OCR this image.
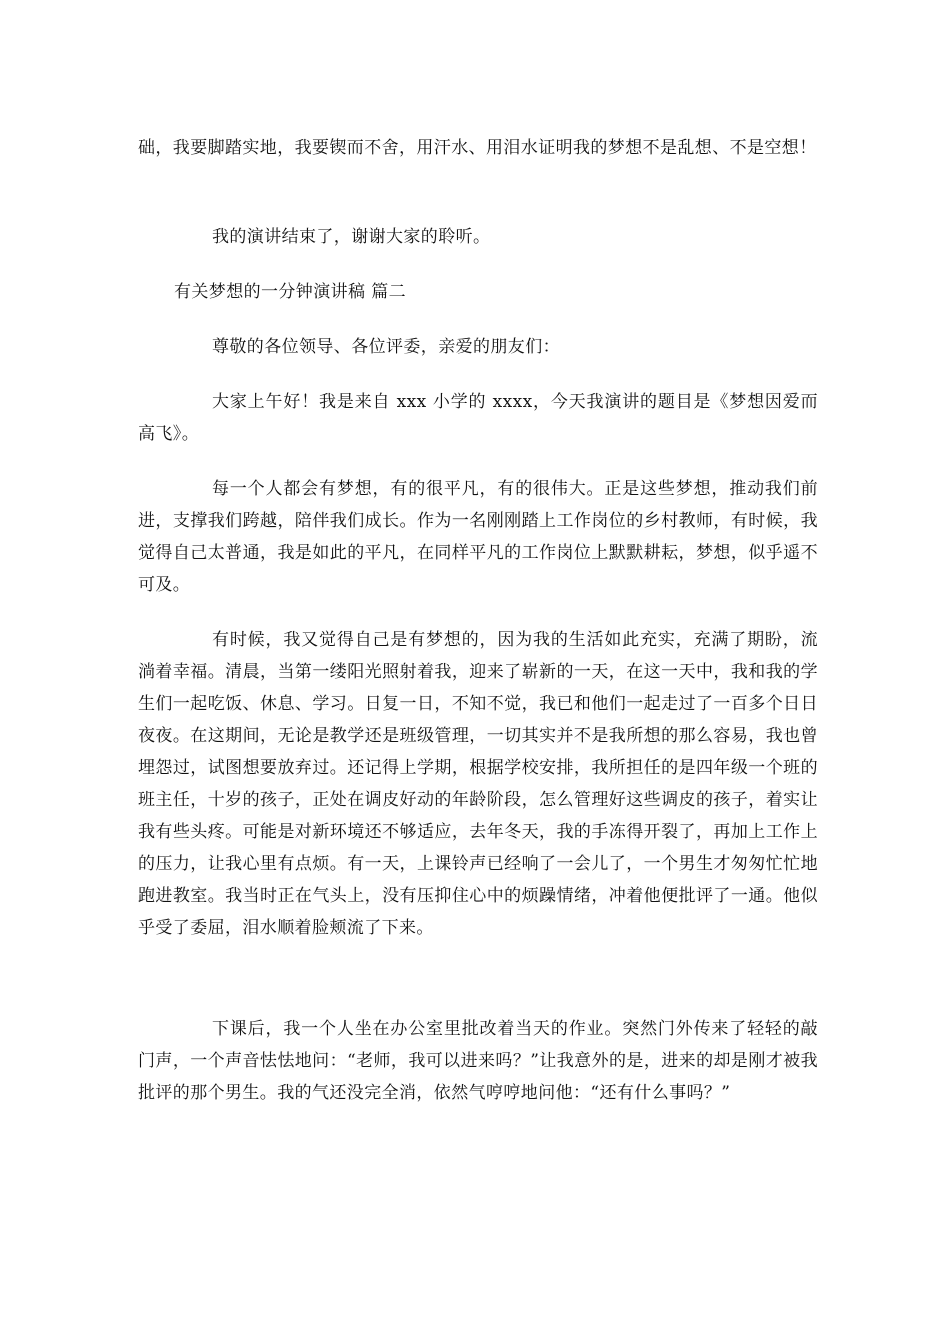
础，我要脚踏实地，我要锲而不舍，用汗水、用泪水证明我的梦想不是乱想、不是空想！

我的演讲结束了，谢谢大家的聆听。

有关梦想的一分钟演讲稿 篇二

尊敬的各位领导、各位评委，亲爱的朋友们：

大家上午好！我是来自 xxx 小学的 xxxx，今天我演讲的题目是《梦想因爱而高飞》。

每一个人都会有梦想，有的很平凡，有的很伟大。正是这些梦想，推动我们前进，支撑我们跨越，陪伴我们成长。作为一名刚刚踏上工作岗位的乡村教师，有时候，我觉得自己太普通，我是如此的平凡，在同样平凡的工作岗位上默默耕耘，梦想，似乎遥不可及。

有时候，我又觉得自己是有梦想的，因为我的生活如此充实，充满了期盼，流淌着幸福。清晨，当第一缕阳光照射着我，迎来了崭新的一天，在这一天中，我和我的学生们一起吃饭、休息、学习。日复一日，不知不觉，我已和他们一起走过了一百多个日日夜夜。在这期间，无论是教学还是班级管理，一切其实并不是我所想的那么容易，我也曾埋怨过，试图想要放弃过。还记得上学期，根据学校安排，我所担任的是四年级一个班的班主任，十岁的孩子，正处在调皮好动的年龄阶段，怎么管理好这些调皮的孩子，着实让我有些头疼。可能是对新环境还不够适应，去年冬天，我的手冻得开裂了，再加上工作上的压力，让我心里有点烦。有一天，上课铃声已经响了一会儿了，一个男生才匆匆忙忙地跑进教室。我当时正在气头上，没有压抑住心中的烦躁情绪，冲着他便批评了一通。他似乎受了委屈，泪水顺着脸颊流了下来。

下课后，我一个人坐在办公室里批改着当天的作业。突然门外传来了轻轻的敲门声，一个声音怯怯地问：“老师，我可以进来吗？”让我意外的是，进来的却是刚才被我批评的那个男生。我的气还没完全消，依然气哼哼地问他：“还有什么事吗？”
